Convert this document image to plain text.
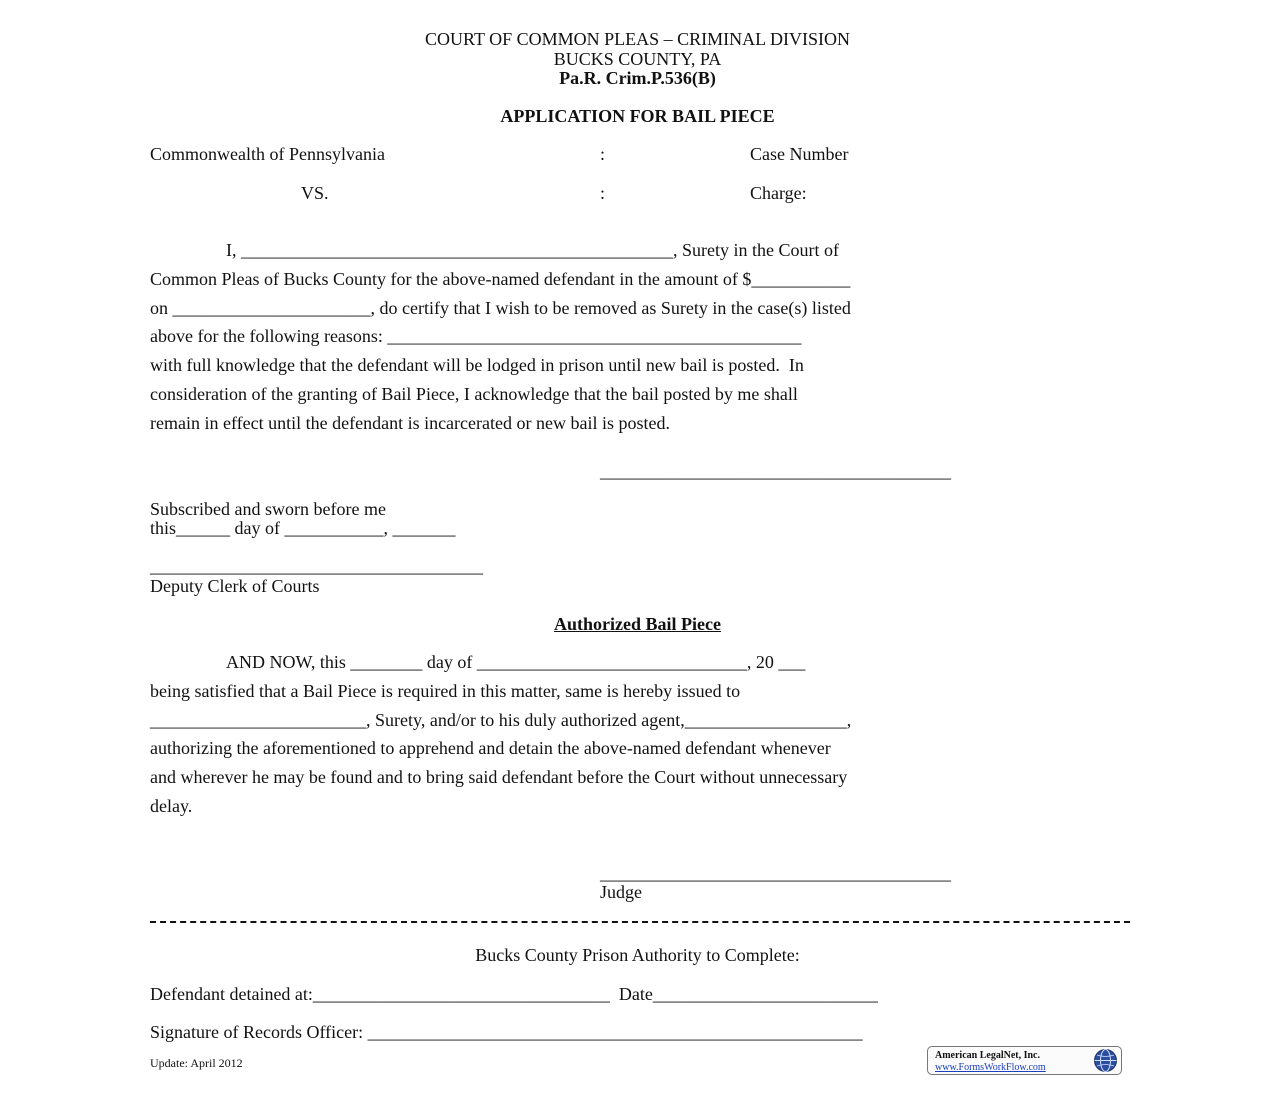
COURT OF COMMON PLEAS – CRIMINAL DIVISION
BUCKS COUNTY, PA
Pa.R. Crim.P.536(B)
APPLICATION FOR BAIL PIECE
Commonwealth of Pennsylvania	:	Case Number
VS.	:	Charge:
I, ________________________________________________, Surety in the Court of
Common Pleas of Bucks County for the above-named defendant in the amount of $___________
on ______________________, do certify that I wish to be removed as Surety in the case(s) listed
above for the following reasons: ______________________________________________
with full knowledge that the defendant will be lodged in prison until new bail is posted.  In
consideration of the granting of Bail Piece, I acknowledge that the bail posted by me shall
remain in effect until the defendant is incarcerated or new bail is posted.
_______________________________________
Subscribed and sworn before me
this______ day of ___________, _______
_____________________________________
Deputy Clerk of Courts
Authorized Bail Piece
AND NOW, this ________ day of ______________________________, 20 ___
being satisfied that a Bail Piece is required in this matter, same is hereby issued to
________________________, Surety, and/or to his duly authorized agent,__________________,
authorizing the aforementioned to apprehend and detain the above-named defendant whenever
and wherever he may be found and to bring said defendant before the Court without unnecessary
delay.
_______________________________________
Judge
Bucks County Prison Authority to Complete:
Defendant detained at:_________________________________  Date_________________________
Signature of Records Officer: _______________________________________________________
Update: April 2012
American LegalNet, Inc.
www.FormsWorkFlow.com
